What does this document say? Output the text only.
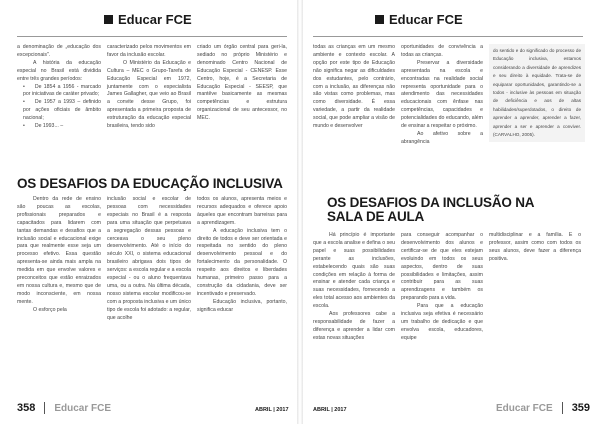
Educar FCE

a denominação de „educação dos excepcionais".

A história da educação especial no Brasil está dividida entre três grandes períodos:

• De 1854 a 1956 - marcado por iniciativas de caráter privado;

• De 1957 a 1993 – definido por ações oficiais de âmbito nacional;

• De 1993... –

caracterizado pelos movimentos em favor da inclusão escolar.

O Ministério da Educação e Cultura – MEC o Grupo-Tarefa de Educação Especial em 1972, juntamente com o especialista James Gallagher, que veio ao Brasil a convite desse Grupo, foi apresentada a primeira proposta de estruturação da educação especial brasileira, tendo sido

criado um órgão central para geri-la, sediado no próprio Ministério e denominado Centro Nacional de Educação Especial - CENESP. Esse Centro, hoje, é a Secretaria de Educação Especial - SEESP, que mantêve basicamente as mesmas competências e estrutura organizacional de seu antecessor, no MEC.

OS DESAFIOS DA EDUCAÇÃO INCLUSIVA

Dentro da rede de ensino são poucas as escolas, profissionais preparados e capacitados para lidarem com tantas demandas e desafios que a inclusão social e educacional exige para que realmente esse seja um processo efetivo. Essa questão apresenta-se ainda mais ampla na medida em que envolve valores e preconceitos que estão enraizados em nossa cultura e, mesmo que de modo inconsciente, em nossa mente.

O esforço pela

inclusão social e escolar de pessoas com necessidades especiais no Brasil é a resposta para uma situação que perpetuava a segregação dessas pessoas e cerceava o seu pleno desenvolvimento. Até o início do século XXI, o sistema educacional brasileiro abrigava dois tipos de serviços: a escola regular e a escola especial - ou o aluno frequentava uma, ou a outra. Na última década, nosso sistema escolar modificou-se com a proposta inclusiva e um único tipo de escola foi adotado: a regular, que acolhe

todos os alunos, apresenta meios e recursos adequados e oferece apoio àqueles que encontram barreiras para a aprendizagem.

A educação inclusiva tem o direito de todos e deve ser orientada e respeitada no sentido do pleno desenvolvimento pessoal e do fortalecimento da personalidade. O respeito aos direitos e liberdades humanas, primeiro passo para a construção da cidadania, deve ser incentivado e preservado.

Educação inclusiva, portanto, significa educar

358 Educar FCE	ABRIL | 2017
Educar FCE

todas as crianças em um mesmo ambiente e contexto escolar. A opção por este tipo de Educação não significa negar as dificuldades dos estudantes, pelo contrário, com a inclusão, as diferenças não são vistas como problemas, mas como diversidade. É essa variedade, a partir da realidade social, que pode ampliar a visão de mundo e desenvolver

oportunidades de convivência a todas as crianças.

Preservar a diversidade apresentada na escola e encontradas na realidade social representa oportunidade para o atendimento das necessidades educacionais com ênfase nas competências, capacidades e potencialidades do educando, além de ensinar a respeitar o próximo.

Ao afetivo sobre a abrangência

do sentido e do significado do processo de Educação inclusiva, estamos considerando a diversidade de aprendizes e seu direito à equidade. Trata-se de equiparar oportunidades, garantindo-se a todos - inclusive às pessoas em situação de deficiência e aos de altas habilidades/superdotados, o direito de aprender a aprender, aprender a fazer, aprender a ser e aprender a conviver. (CARVALHO, 2005).

OS DESAFIOS DA INCLUSÃO NA SALA DE AULA

Há princípio é importante que a escola analise e defina o seu papel e suas possibilidades perante as inclusões, estabelecendo quais são suas condições em relação à forma de ensinar e atender cada criança e suas necessidades, fornecendo a eles total acesso aos ambientes da escola.

Aos professores cabe a responsabilidade de fazer a diferença e aprender a lidar com estas novas situações

para conseguir acompanhar o desenvolvimento dos alunos e certificar-se de que eles estejam evoluindo em todos os seus aspectos, dentro de suas possibilidades e limitações, assim contribuir para as suas aprendizagens e também os preparando para a vida.

Para que a educação inclusiva seja efetiva é necessário um trabalho de dedicação e que envolva escola, educadores, equipe

multidisciplinar e a família. E o professor, assim como com todos os seus alunos, deve fazer a diferença positiva.

ABRIL | 2017	Educar FCE 359
